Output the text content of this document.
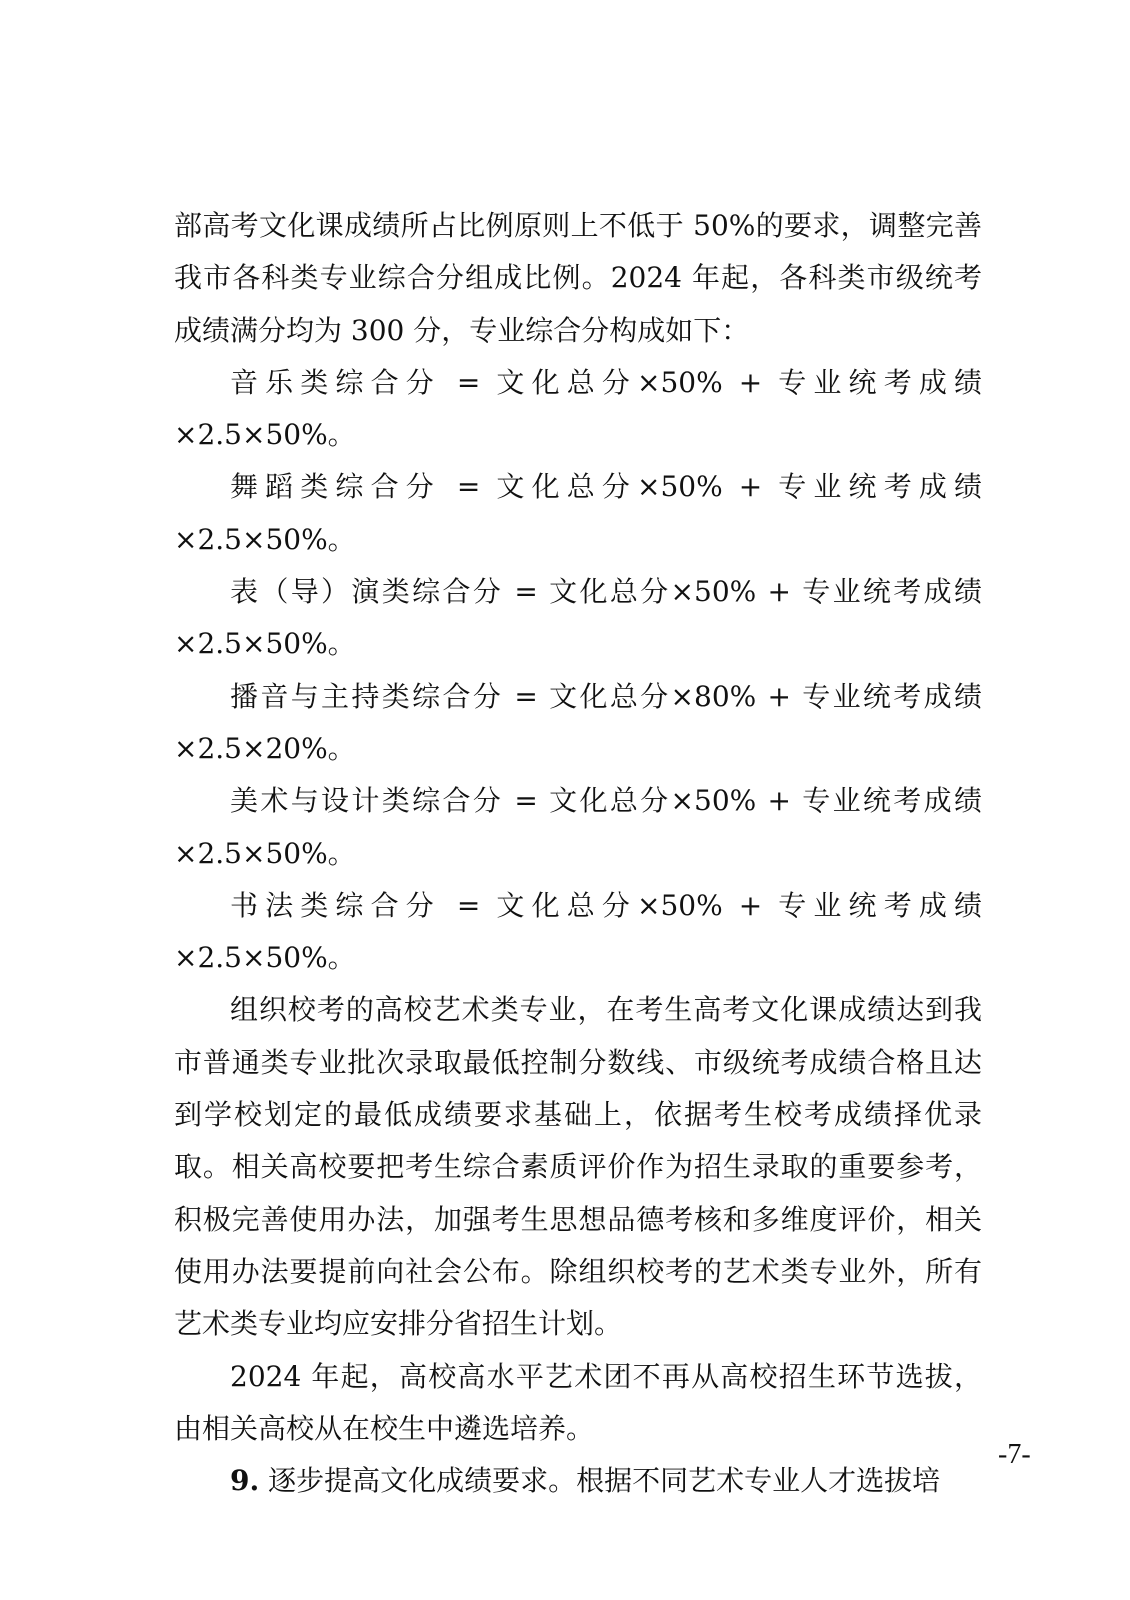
部高考文化课成绩所占比例原则上不低于 50%的要求，调整完善我市各科类专业综合分组成比例。2024 年起，各科类市级统考成绩满分均为 300 分，专业综合分构成如下：

音乐类综合分 = 文化总分×50% + 专业统考成绩×2.5×50%。

舞蹈类综合分 = 文化总分×50% + 专业统考成绩×2.5×50%。

表（导）演类综合分 = 文化总分×50% + 专业统考成绩×2.5×50%。

播音与主持类综合分 = 文化总分×80% + 专业统考成绩×2.5×20%。

美术与设计类综合分 = 文化总分×50% + 专业统考成绩×2.5×50%。

书法类综合分 = 文化总分×50% + 专业统考成绩×2.5×50%。

组织校考的高校艺术类专业，在考生高考文化课成绩达到我市普通类专业批次录取最低控制分数线、市级统考成绩合格且达到学校划定的最低成绩要求基础上，依据考生校考成绩择优录取。相关高校要把考生综合素质评价作为招生录取的重要参考，积极完善使用办法，加强考生思想品德考核和多维度评价，相关使用办法要提前向社会公布。除组织校考的艺术类专业外，所有艺术类专业均应安排分省招生计划。

2024 年起，高校高水平艺术团不再从高校招生环节选拔，由相关高校从在校生中遴选培养。

9. 逐步提高文化成绩要求。根据不同艺术专业人才选拔培

-7-
